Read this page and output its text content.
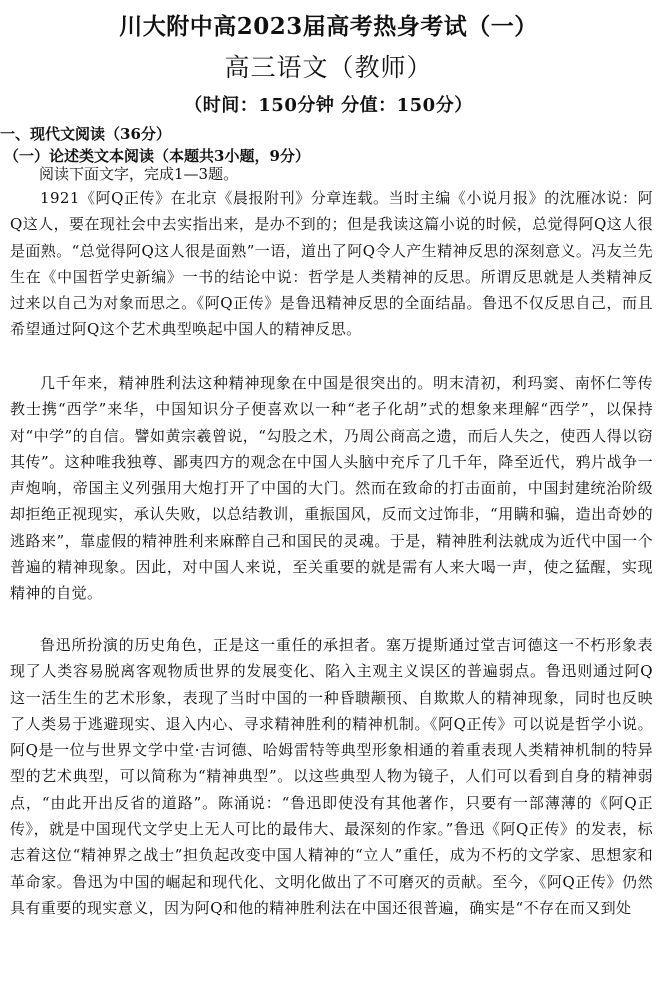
川大附中高2023届高考热身考试（一）
高三语文（教师）
（时间：150分钟 分值：150分）
一、现代文阅读（36分）
（一）论述类文本阅读（本题共3小题，9分）
阅读下面文字，完成1—3题。

1921《阿Q正传》在北京《晨报附刊》分章连载。当时主编《小说月报》的沈雁冰说：阿Q这人，要在现社会中去实指出来，是办不到的；但是我读这篇小说的时候，总觉得阿Q这人很是面熟。“总觉得阿Q这人很是面熟”一语，道出了阿Q令人产生精神反思的深刻意义。冯友兰先生在《中国哲学史新编》一书的结论中说：哲学是人类精神的反思。所谓反思就是人类精神反过来以自己为对象而思之。《阿Q正传》是鲁迅精神反思的全面结晶。鲁迅不仅反思自己，而且希望通过阿Q这个艺术典型唤起中国人的精神反思。

几千年来，精神胜利法这种精神现象在中国是很突出的。明末清初，利玛窦、南怀仁等传教士携“西学”来华，中国知识分子便喜欢以一种“老子化胡”式的想象来理解“西学”，以保持对“中学”的自信。譬如黄宗羲曾说，“勾股之术，乃周公商高之遗，而后人失之，使西人得以窃其传”。这种唯我独尊、鄙夷四方的观念在中国人头脑中充斥了几千年，降至近代，鸦片战争一声炮响，帝国主义列强用大炮打开了中国的大门。然而在致命的打击面前，中国封建统治阶级却拒绝正视现实，承认失败，以总结教训，重振国风，反而文过饰非，“用瞒和骗，造出奇妙的逃路来”，靠虚假的精神胜利来麻醉自己和国民的灵魂。于是，精神胜利法就成为近代中国一个普遍的精神现象。因此，对中国人来说，至关重要的就是需有人来大喝一声，使之猛醒，实现精神的自觉。

鲁迅所扮演的历史角色，正是这一重任的承担者。塞万提斯通过堂吉诃德这一不朽形象表现了人类容易脱离客观物质世界的发展变化、陷入主观主义误区的普遍弱点。鲁迅则通过阿Q这一活生生的艺术形象，表现了当时中国的一种昏聩颟顸、自欺欺人的精神现象，同时也反映了人类易于逃避现实、退入内心、寻求精神胜利的精神机制。《阿Q正传》可以说是哲学小说。阿Q是一位与世界文学中堂·吉诃德、哈姆雷特等典型形象相通的着重表现人类精神机制的特异型的艺术典型，可以简称为“精神典型”。以这些典型人物为镜子，人们可以看到自身的精神弱点，“由此开出反省的道路”。陈涌说：“鲁迅即使没有其他著作，只要有一部薄薄的《阿Q正传》，就是中国现代文学史上无人可比的最伟大、最深刻的作家。”鲁迅《阿Q正传》的发表，标志着这位“精神界之战士”担负起改变中国人精神的“立人”重任，成为不朽的文学家、思想家和革命家。鲁迅为中国的崛起和现代化、文明化做出了不可磨灭的贡献。至今，《阿Q正传》仍然具有重要的现实意义，因为阿Q和他的精神胜利法在中国还很普遍，确实是“不存在而又到处
